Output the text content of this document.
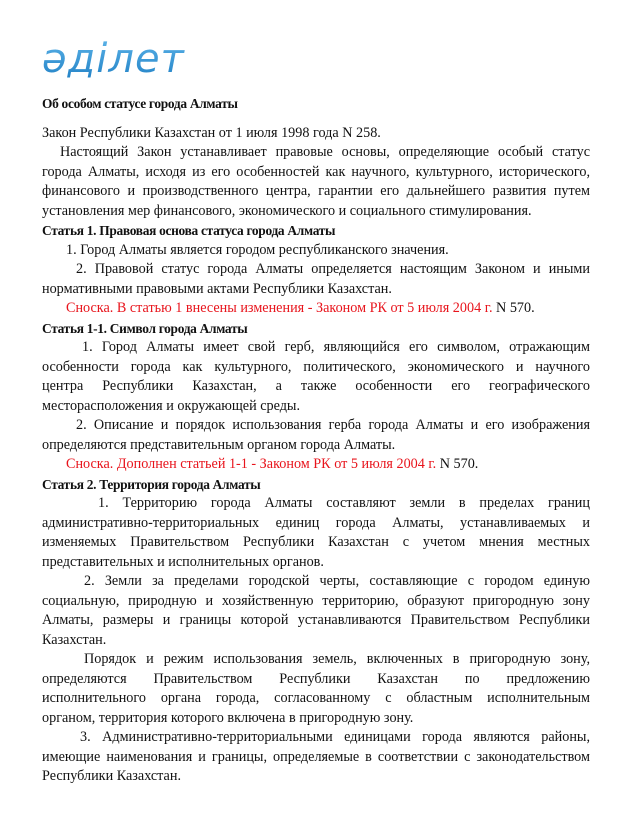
әділет
Об особом статусе города Алматы
Закон Республики Казахстан от 1 июля 1998 года N 258.
Настоящий Закон устанавливает правовые основы, определяющие особый статус
города Алматы, исходя из его особенностей как научного, культурного, исторического,
финансового и производственного центра, гарантии его дальнейшего развития путем
установления мер финансового, экономического и социального стимулирования.
Статья 1. Правовая основа статуса города Алматы
1. Город Алматы является городом республиканского значения.
2. Правовой статус города Алматы определяется настоящим Законом и иными
нормативными правовыми актами Республики Казахстан.
Сноска. В статью 1 внесены изменения - Законом РК от 5 июля 2004 г. N 570.
Статья 1-1. Символ города Алматы
1. Город Алматы имеет свой герб, являющийся его символом, отражающим
особенности города как культурного, политического, экономического и научного
центра Республики Казахстан, а также особенности его географического
месторасположения и окружающей среды.
2. Описание и порядок использования герба города Алматы и его изображения
определяются представительным органом города Алматы.
Сноска. Дополнен статьей 1-1 - Законом РК от 5 июля 2004 г. N 570.
Статья 2. Территория города Алматы
1. Территорию города Алматы составляют земли в пределах границ
административно-территориальных единиц города Алматы, устанавливаемых и
изменяемых Правительством Республики Казахстан с учетом мнения местных
представительных и исполнительных органов.
2. Земли за пределами городской черты, составляющие с городом единую
социальную, природную и хозяйственную территорию, образуют пригородную зону
Алматы, размеры и границы которой устанавливаются Правительством Республики
Казахстан.
Порядок и режим использования земель, включенных в пригородную зону,
определяются Правительством Республики Казахстан по предложению
исполнительного органа города, согласованному с областным исполнительным
органом, территория которого включена в пригородную зону.
3. Административно-территориальными единицами города являются районы,
имеющие наименования и границы, определяемые в соответствии с законодательством
Республики Казахстан.
